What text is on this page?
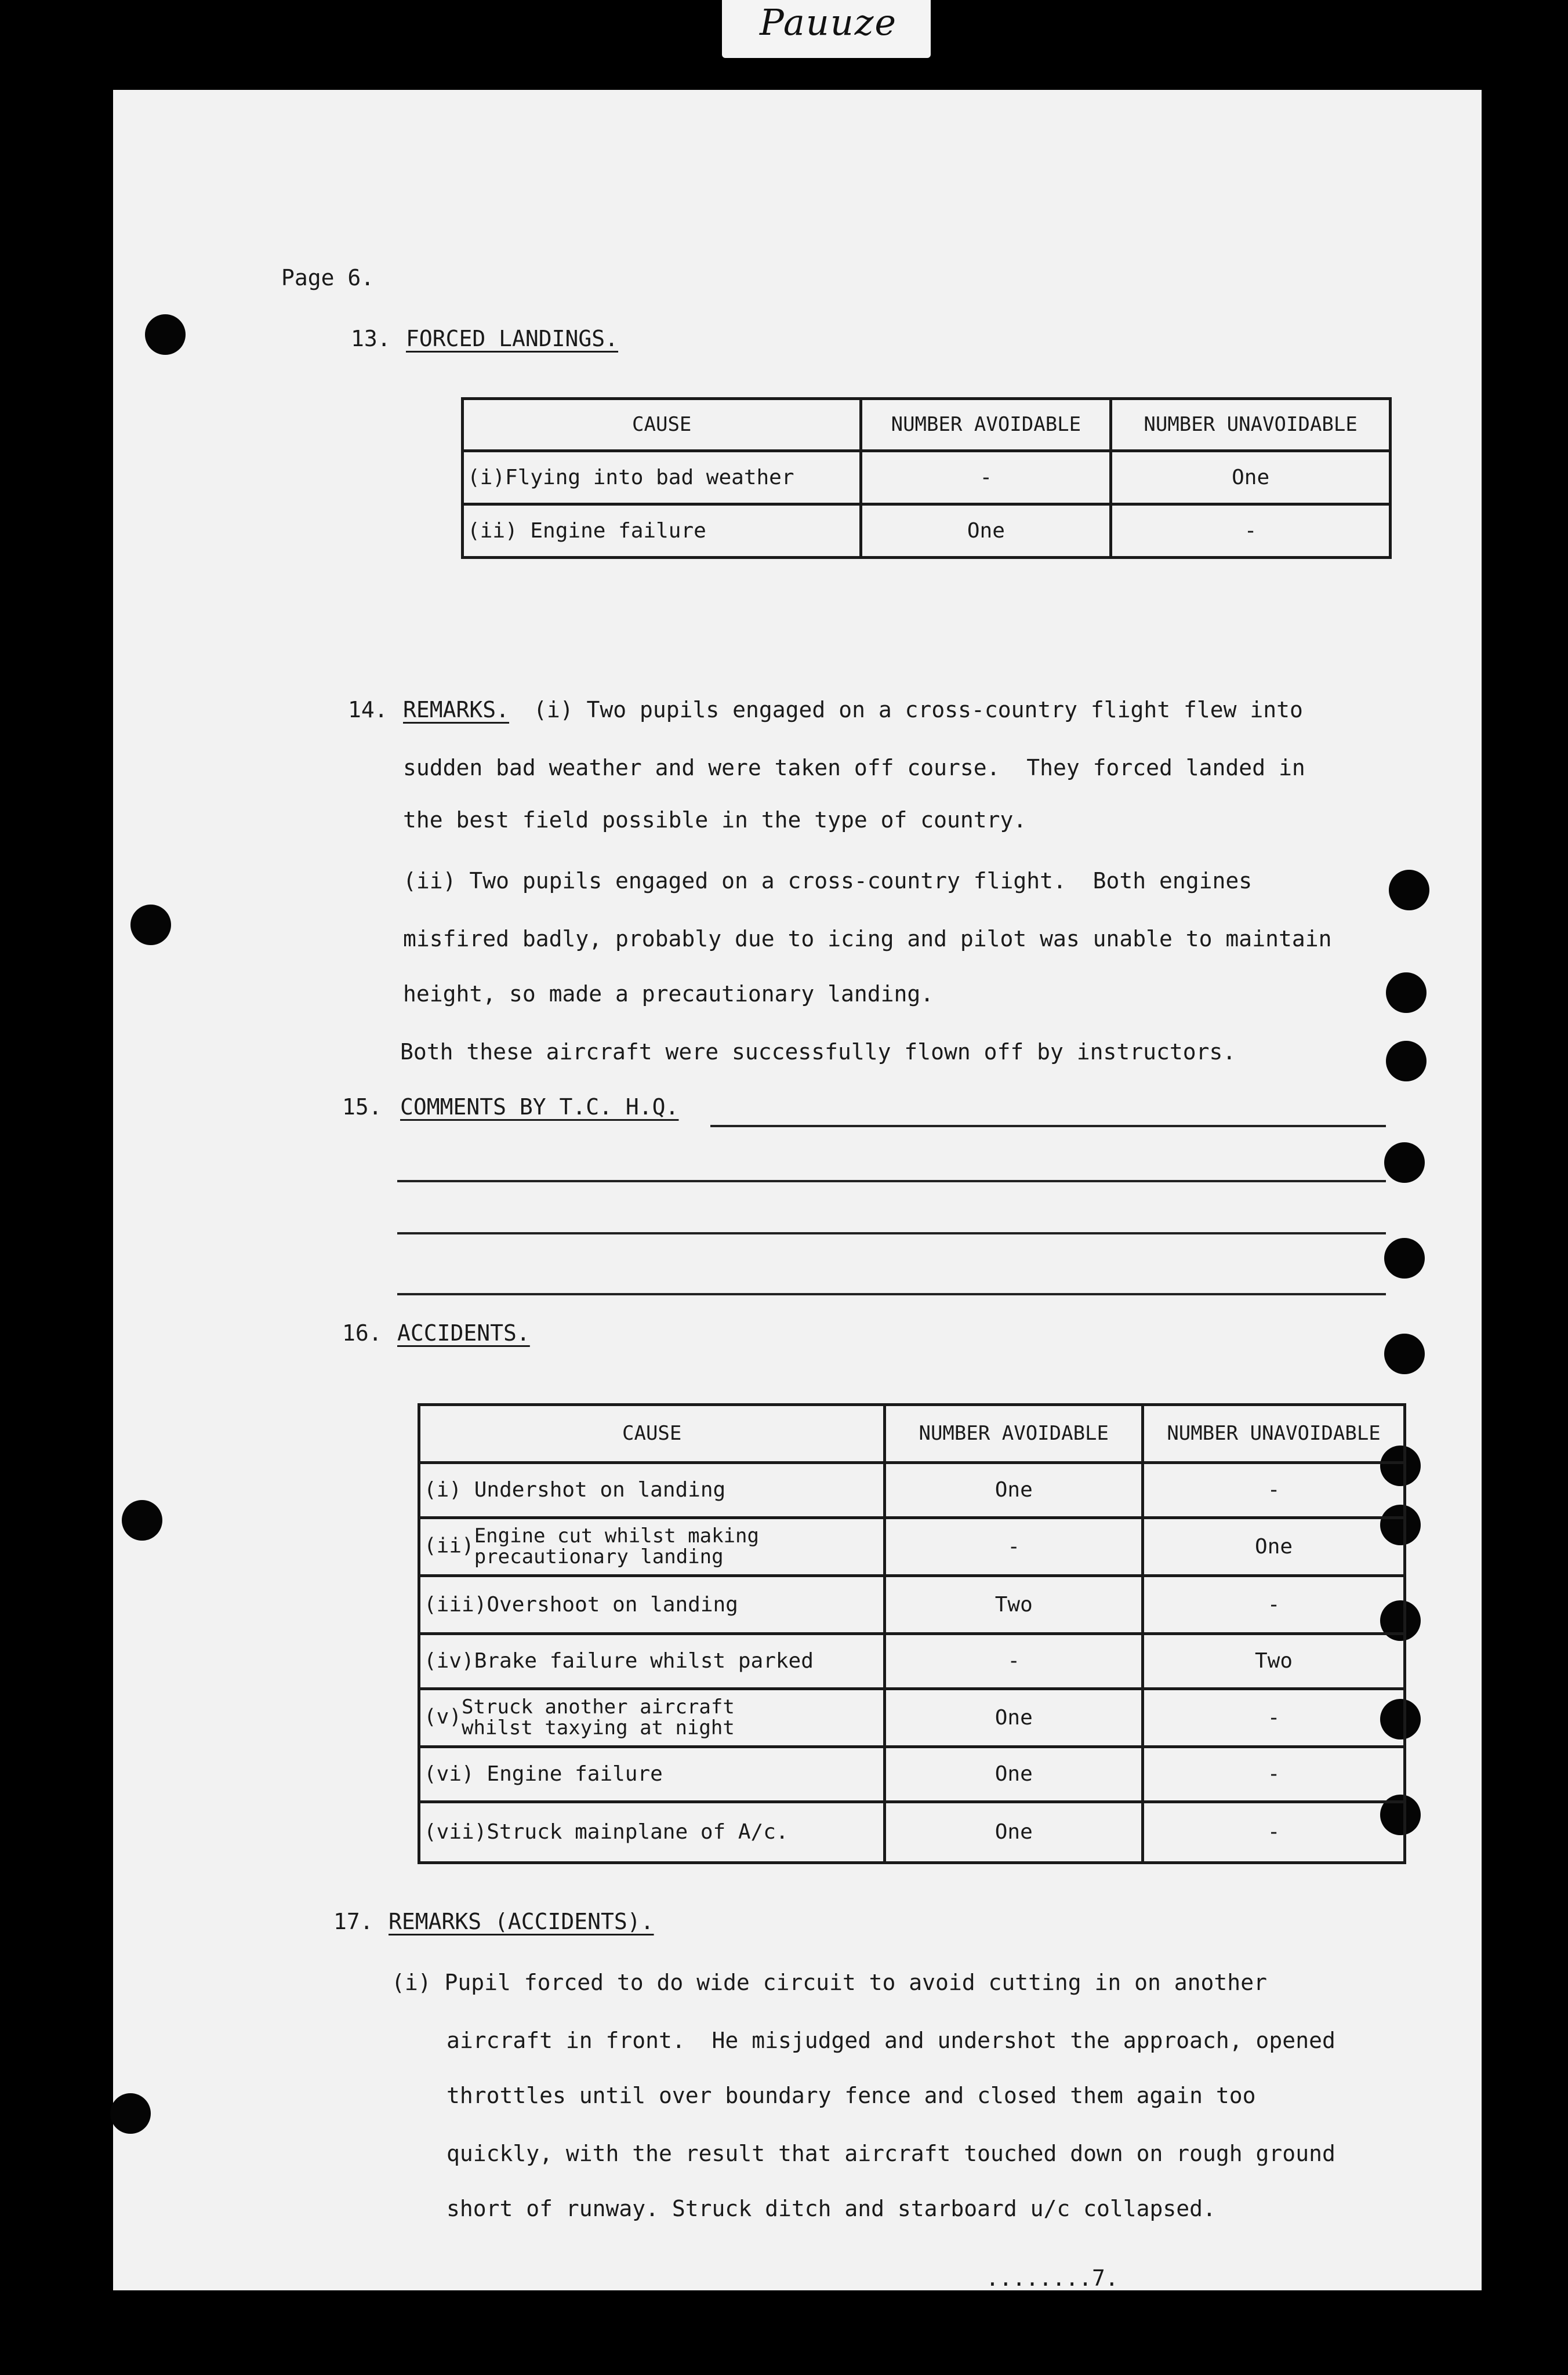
Pauuze
Page 6.
13. FORCED LANDINGS.
CAUSE	NUMBER AVOIDABLE	NUMBER UNAVOIDABLE
(i)Flying into bad weather	-	One
(ii) Engine failure	One	-
14. REMARKS. (i) Two pupils engaged on a cross-country flight flew into
sudden bad weather and were taken off course.  They forced landed in
the best field possible in the type of country.
(ii) Two pupils engaged on a cross-country flight.  Both engines
misfired badly, probably due to icing and pilot was unable to maintain
height, so made a precautionary landing.
Both these aircraft were successfully flown off by instructors.
15. COMMENTS BY T.C. H.Q.
16. ACCIDENTS.
CAUSE	NUMBER AVOIDABLE	NUMBER UNAVOIDABLE
(i) Undershot on landing	One	-
(ii)Engine cut whilst making
precautionary landing	-	One
(iii)Overshoot on landing	Two	-
(iv)Brake failure whilst parked	-	Two
(v)Struck another aircraft
whilst taxying at night	One	-
(vi) Engine failure	One	-
(vii)Struck mainplane of A/c.	One	-
17. REMARKS (ACCIDENTS).
(i) Pupil forced to do wide circuit to avoid cutting in on another
aircraft in front.  He misjudged and undershot the approach, opened
throttles until over boundary fence and closed them again too
quickly, with the result that aircraft touched down on rough ground
short of runway. Struck ditch and starboard u/c collapsed.
........7.
